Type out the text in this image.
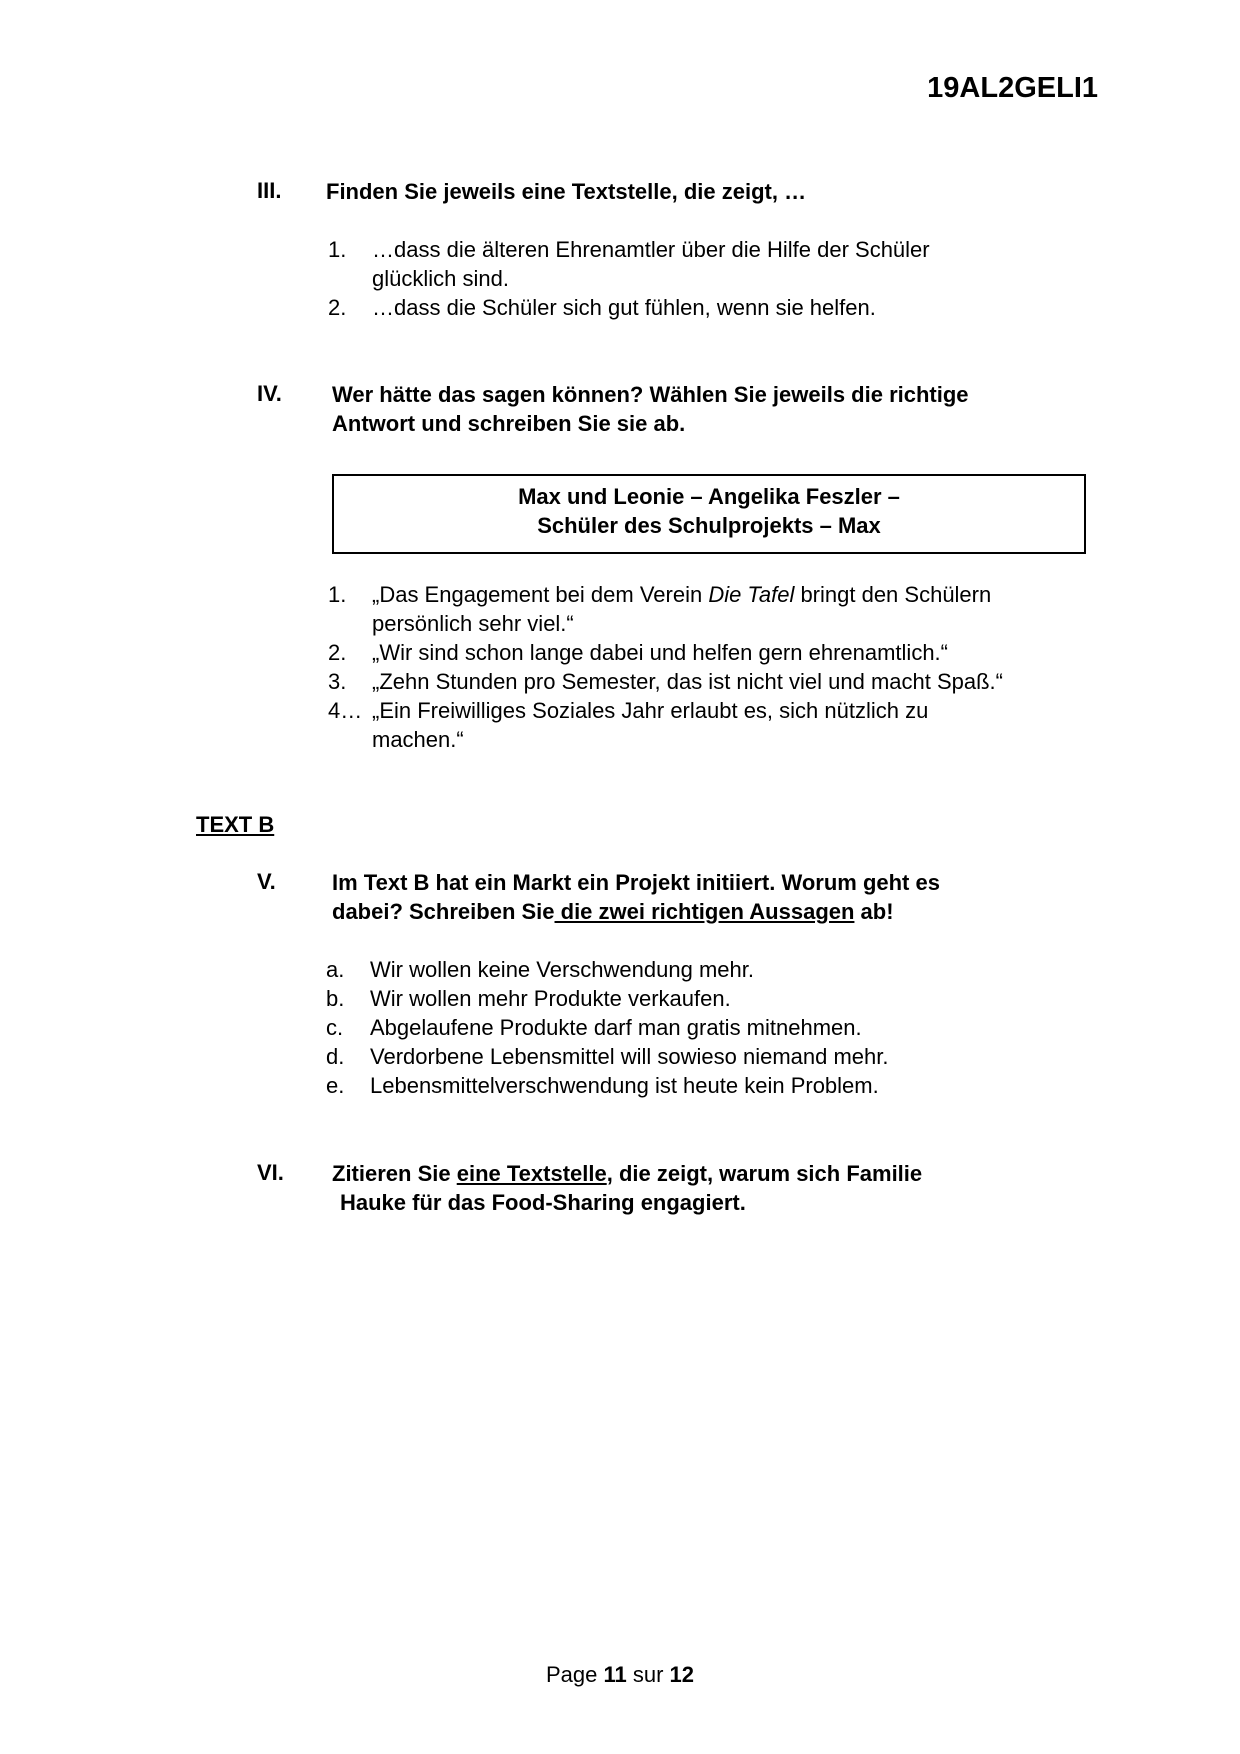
19AL2GELI1
III. Finden Sie jeweils eine Textstelle, die zeigt, …
1. …dass die älteren Ehrenamtler über die Hilfe der Schüler
glücklich sind.
2. …dass die Schüler sich gut fühlen, wenn sie helfen.
IV. Wer hätte das sagen können? Wählen Sie jeweils die richtige
Antwort und schreiben Sie sie ab.
Max und Leonie – Angelika Feszler –
Schüler des Schulprojekts – Max
1. „Das Engagement bei dem Verein Die Tafel bringt den Schülern
persönlich sehr viel.“
2. „Wir sind schon lange dabei und helfen gern ehrenamtlich.“
3. „Zehn Stunden pro Semester, das ist nicht viel und macht Spaß.“
4… „Ein Freiwilliges Soziales Jahr erlaubt es, sich nützlich zu
machen.“
TEXT B
V.	Im Text B hat ein Markt ein Projekt initiiert. Worum geht es
dabei? Schreiben Sie die zwei richtigen Aussagen ab!
a. Wir wollen keine Verschwendung mehr.
b. Wir wollen mehr Produkte verkaufen.
c. Abgelaufene Produkte darf man gratis mitnehmen.
d. Verdorbene Lebensmittel will sowieso niemand mehr.
e. Lebensmittelverschwendung ist heute kein Problem.
VI. Zitieren Sie eine Textstelle, die zeigt, warum sich Familie
Hauke für das Food-Sharing engagiert.
Page 11 sur 12
